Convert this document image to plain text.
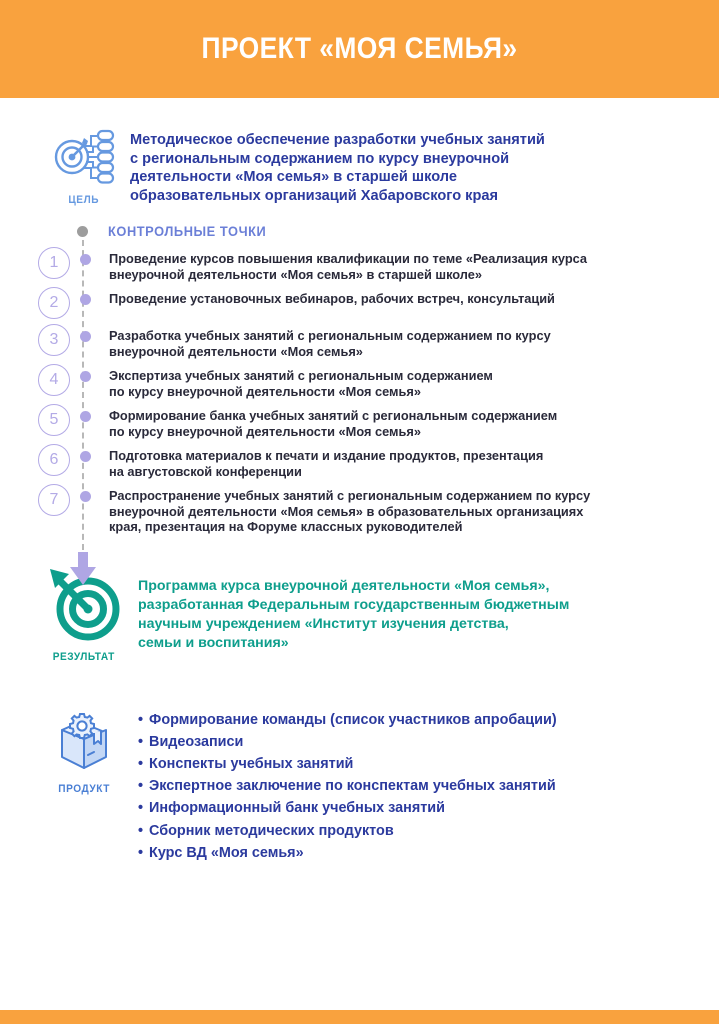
ПРОЕКТ «МОЯ СЕМЬЯ»
ЦЕЛЬ
Методическое обеспечение разработки учебных занятий
с региональным содержанием по курсу внеурочной
деятельности «Моя семья» в старшей школе
образовательных организаций Хабаровского края
КОНТРОЛЬНЫЕ ТОЧКИ
1	Проведение курсов повышения квалификации по теме «Реализация курса
внеурочной деятельности «Моя семья» в старшей школе»
2	Проведение установочных вебинаров, рабочих встреч, консультаций
3	Разработка учебных занятий с региональным содержанием по курсу
внеурочной деятельности «Моя семья»
4	Экспертиза учебных занятий с региональным содержанием
по курсу внеурочной деятельности «Моя семья»
5	Формирование банка учебных занятий с региональным содержанием
по курсу внеурочной деятельности «Моя семья»
6	Подготовка материалов к печати и издание продуктов, презентация
на августовской конференции
7	Распространение учебных занятий с региональным содержанием по курсу
внеурочной деятельности «Моя семья» в образовательных организациях
края, презентация на Форуме классных руководителей
РЕЗУЛЬТАТ
Программа курса внеурочной деятельности «Моя семья»,
разработанная Федеральным государственным бюджетным
научным учреждением «Институт изучения детства,
семьи и воспитания»
ПРОДУКТ
• Формирование команды (список участников апробации)
• Видеозаписи
• Конспекты учебных занятий
• Экспертное заключение по конспектам учебных занятий
• Информационный банк учебных занятий
• Сборник методических продуктов
• Курс ВД «Моя семья»
